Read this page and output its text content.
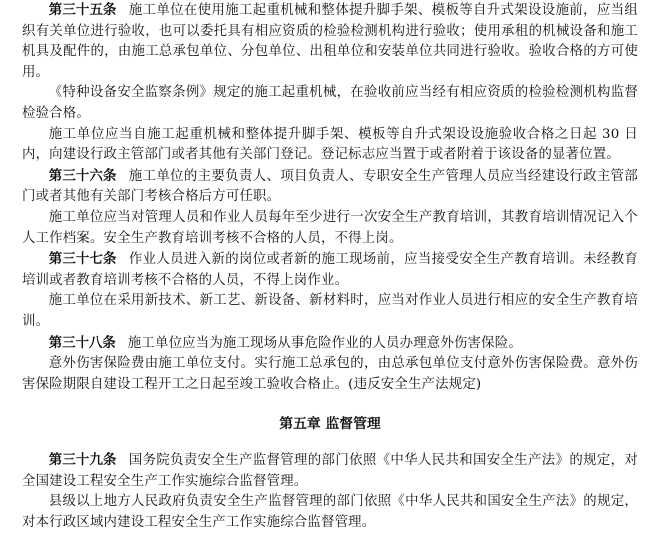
第三十五条 施工单位在使用施工起重机械和整体提升脚手架、模板等自升式架设设施前，应当组织有关单位进行验收，也可以委托具有相应资质的检验检测机构进行验收；使用承租的机械设备和施工机具及配件的，由施工总承包单位、分包单位、出租单位和安装单位共同进行验收。验收合格的方可使用。

《特种设备安全监察条例》规定的施工起重机械，在验收前应当经有相应资质的检验检测机构监督检验合格。

施工单位应当自施工起重机械和整体提升脚手架、模板等自升式架设设施验收合格之日起 30 日内，向建设行政主管部门或者其他有关部门登记。登记标志应当置于或者附着于该设备的显著位置。

第三十六条 施工单位的主要负责人、项目负责人、专职安全生产管理人员应当经建设行政主管部门或者其他有关部门考核合格后方可任职。

施工单位应当对管理人员和作业人员每年至少进行一次安全生产教育培训，其教育培训情况记入个人工作档案。安全生产教育培训考核不合格的人员，不得上岗。

第三十七条 作业人员进入新的岗位或者新的施工现场前，应当接受安全生产教育培训。未经教育培训或者教育培训考核不合格的人员，不得上岗作业。

施工单位在采用新技术、新工艺、新设备、新材料时，应当对作业人员进行相应的安全生产教育培训。

第三十八条 施工单位应当为施工现场从事危险作业的人员办理意外伤害保险。

意外伤害保险费由施工单位支付。实行施工总承包的，由总承包单位支付意外伤害保险费。意外伤害保险期限自建设工程开工之日起至竣工验收合格止。(违反安全生产法规定)

第五章 监督管理

第三十九条 国务院负责安全生产监督管理的部门依照《中华人民共和国安全生产法》的规定，对全国建设工程安全生产工作实施综合监督管理。

县级以上地方人民政府负责安全生产监督管理的部门依照《中华人民共和国安全生产法》的规定，对本行政区域内建设工程安全生产工作实施综合监督管理。
